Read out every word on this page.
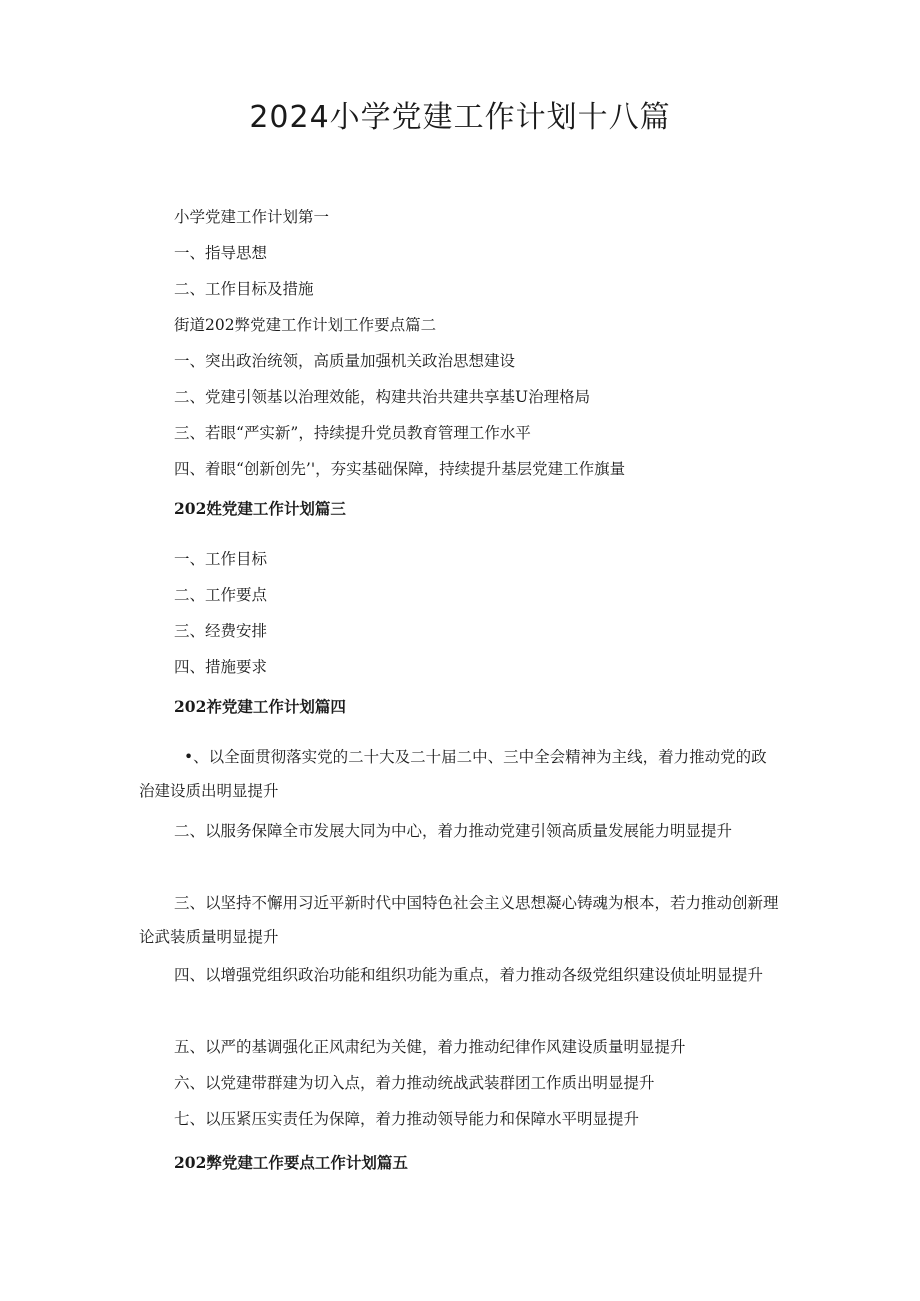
2024小学党建工作计划十八篇
小学党建工作计划第一
一、指导思想
二、工作目标及措施
街道202弊党建工作计划工作要点篇二
一、突出政治统领，高质量加强机关政治思想建设
二、党建引领基以治理效能，构建共治共建共享基U治理格局
三、若眼“严实新”，持续提升党员教育管理工作水平
四、着眼“创新创先’'，夯实基础保障，持续提升基层党建工作旗量
202姓党建工作计划篇三
一、工作目标
二、工作要点
三、经费安排
四、措施要求
202祚党建工作计划篇四
•、以全面贯彻落实党的二十大及二十届二中、三中全会精神为主线，着力推动党的政治建设质出明显提升
二、以服务保障全市发展大同为中心，着力推动党建引领高质量发展能力明显提升
三、以坚持不懈用习近平新时代中国特色社会主义思想凝心铸魂为根本，若力推动创新理论武装质量明显提升
四、以增强党组织政治功能和组织功能为重点，着力推动各级党组织建设侦址明显提升
五、以严的基调强化正风肃纪为关健，着力推动纪律作风建设质量明显提升
六、以党建带群建为切入点，着力推动统战武装群团工作质出明显提升
七、以压紧压实责任为保障，着力推动领导能力和保障水平明显提升
202弊党建工作要点工作计划篇五
